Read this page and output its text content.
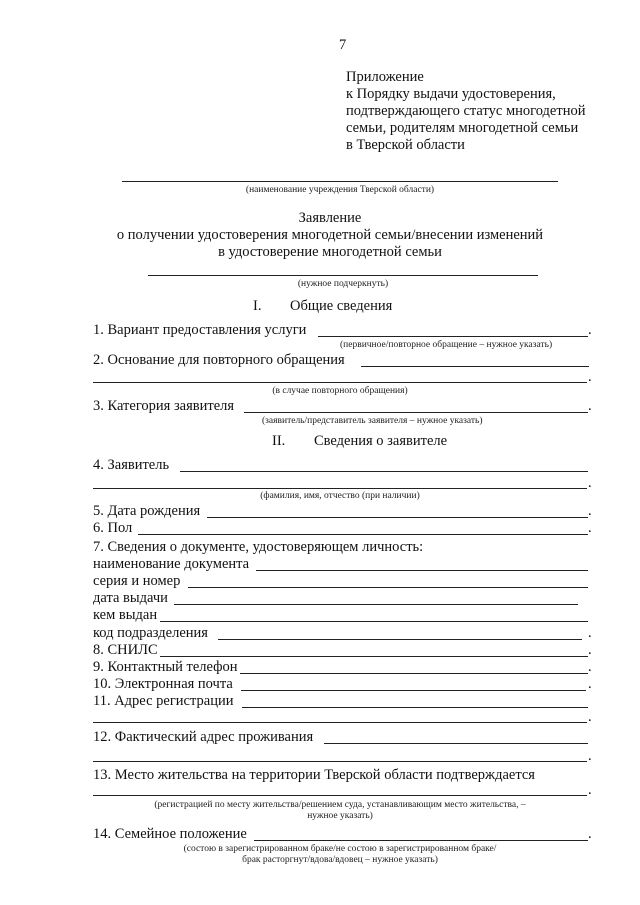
7
Приложение
к Порядку выдачи удостоверения,
подтверждающего статус многодетной
семьи, родителям многодетной семьи
в Тверской области
(наименование учреждения Тверской области)
Заявление
о получении удостоверения многодетной семьи/внесении изменений
в удостоверение многодетной семьи
(нужное подчеркнуть)
I. Общие сведения
1. Вариант предоставления услуги	.
(первичное/повторное обращение – нужное указать)
2. Основание для повторного обращения
.
(в случае повторного обращения)
3. Категория заявителя	.
(заявитель/представитель заявителя – нужное указать)
II. Сведения о заявителе
4. Заявитель
.
(фамилия, имя, отчество (при наличии)
5. Дата рождения	.
6. Пол	.
7. Сведения о документе, удостоверяющем личность:
наименование документа
серия и номер
дата выдачи
кем выдан
код подразделения	.
8. СНИЛС	.
9. Контактный телефон	.
10. Электронная почта	.
11. Адрес регистрации
.
12. Фактический адрес проживания
.
13. Место жительства на территории Тверской области подтверждается
.
(регистрацией по месту жительства/решением суда, устанавливающим место жительства, –
нужное указать)
14. Семейное положение	.
(состою в зарегистрированном браке/не состою в зарегистрированном браке/
брак расторгнут/вдова/вдовец – нужное указать)
